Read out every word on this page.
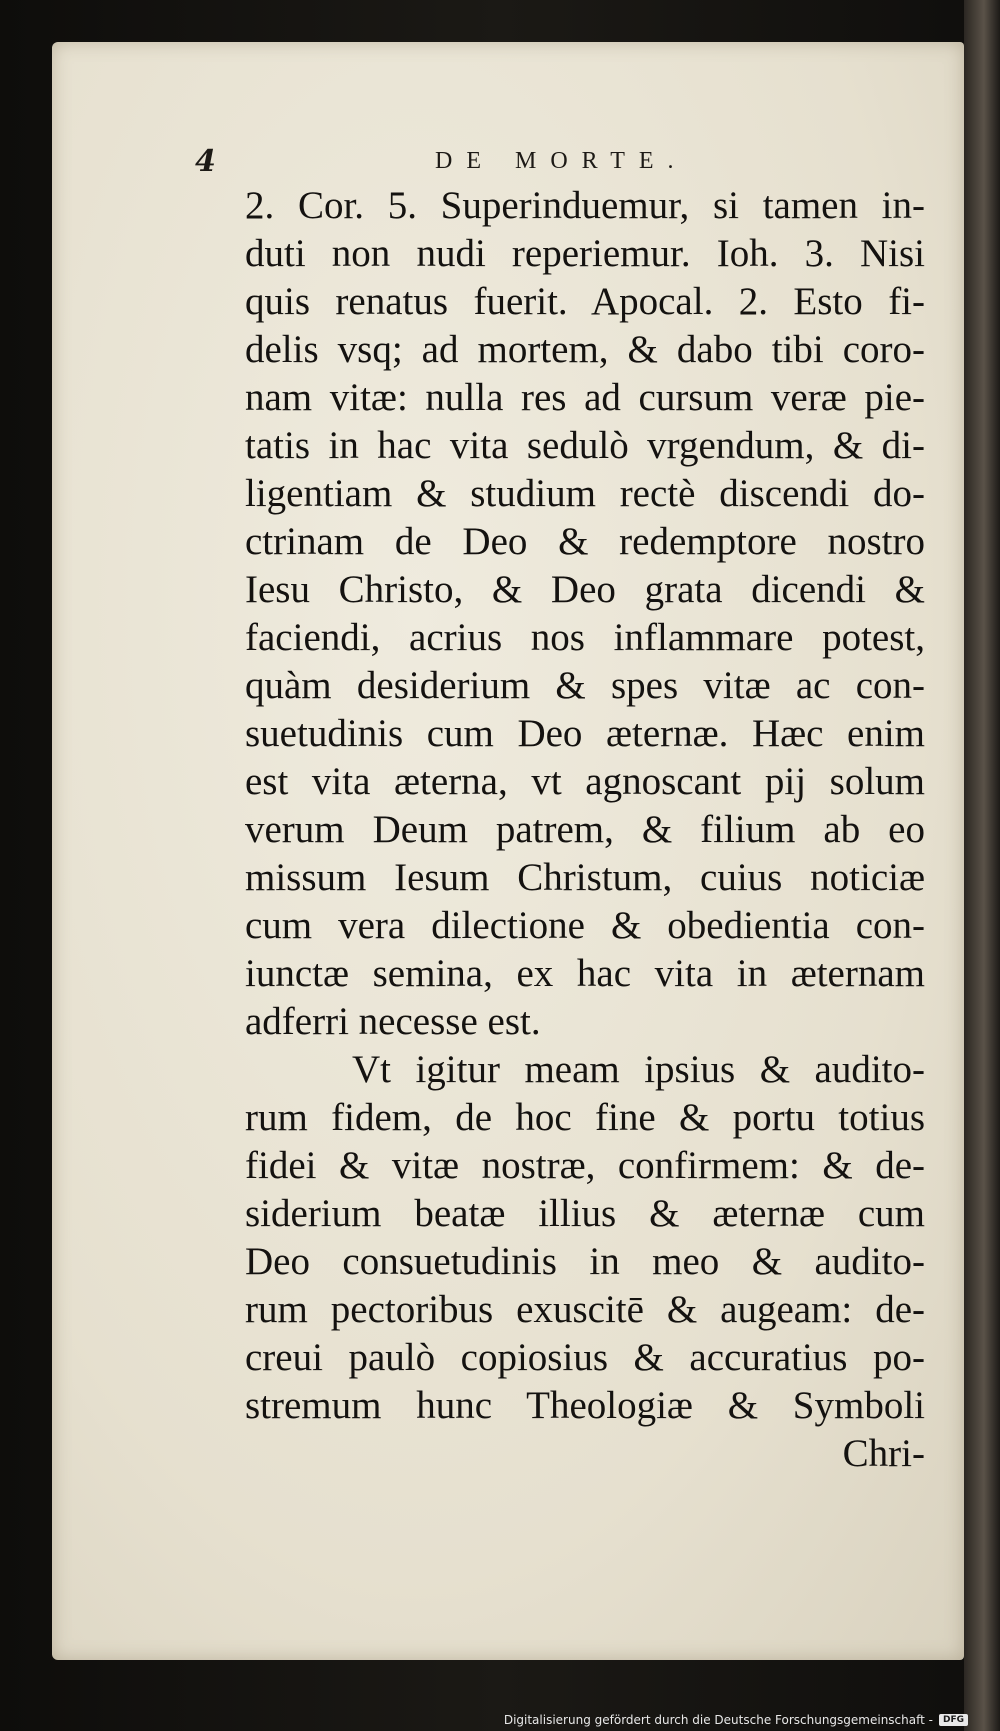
4	DE MORTE.
2. Cor. 5. Superinduemur, si tamen in-
duti non nudi reperiemur. Ioh. 3. Nisi
quis renatus fuerit. Apocal. 2. Esto fi-
delis vsq; ad mortem, & dabo tibi coro-
nam vitæ: nulla res ad cursum veræ pie-
tatis in hac vita sedulò vrgendum, & di-
ligentiam & studium rectè discendi do-
ctrinam de Deo & redemptore nostro
Iesu Christo, & Deo grata dicendi &
faciendi, acrius nos inflammare potest,
quàm desiderium & spes vitæ ac con-
suetudinis cum Deo æternæ. Hæc enim
est vita æterna, vt agnoscant pij solum
verum Deum patrem, & filium ab eo
missum Iesum Christum, cuius noticiæ
cum vera dilectione & obedientia con-
iunctæ semina, ex hac vita in æternam
adferri necesse est.
Vt igitur meam ipsius & audito-
rum fidem, de hoc fine & portu totius
fidei & vitæ nostræ, confirmem: & de-
siderium beatæ illius & æternæ cum
Deo consuetudinis in meo & audito-
rum pectoribus exuscitē & augeam: de-
creui paulò copiosius & accuratius po-
stremum hunc Theologiæ & Symboli
Chri-
Digitalisierung gefördert durch die Deutsche Forschungsgemeinschaft -	DFG
